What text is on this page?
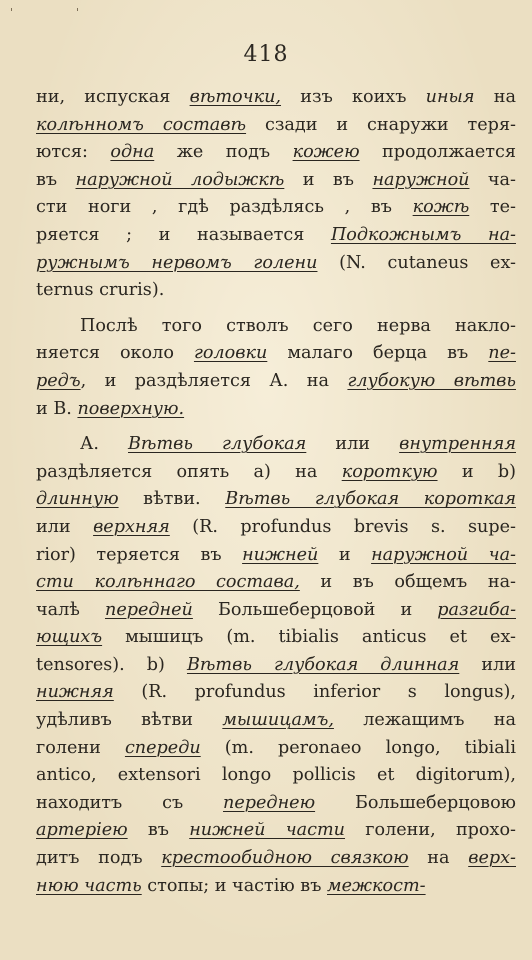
'	'
418
ни, испуская вѣточки, изъ коихъ иныя на
колѣнномъ составѣ сзади и снаружи теря-
ются: одна же подъ кожею продолжается
въ наружной лодыжкѣ и въ наружной ча-
сти ноги , гдѣ раздѣлясь , въ кожѣ те-
ряется ; и называется Подкожнымъ на-
ружнымъ нервомъ голени (N. cutaneus ex-
ternus cruris).
Послѣ того стволъ сего нерва накло-
няется около головки малаго берца въ пе-
редъ, и раздѣляется А. на глубокую вѣтвь
и В. поверхную.
А. Вѣтвь глубокая или внутренняя
раздѣляется опять а) на короткую и b)
длинную вѣтви. Вѣтвь глубокая короткая
или верхняя (R. profundus brevis s. supe-
rior) теряется въ нижней и наружной ча-
сти колѣннаго состава, и въ общемъ на-
чалѣ передней Большеберцовой и разгиба-
ющихъ мышицъ (m. tibialis anticus et ex-
tensores). b) Вѣтвь глубокая длинная или
нижняя (R. profundus inferior s longus),
удѣливъ вѣтви мышицамъ, лежащимъ на
голени спереди (m. peronaeo longo, tibiali
antico, extensori longo pollicis et digitorum),
находитъ съ переднею Большеберцовою
артеріею въ нижней части голени, прохо-
дитъ подъ крестообидною связкою на верх-
нюю часть стопы; и частію въ межкост-
